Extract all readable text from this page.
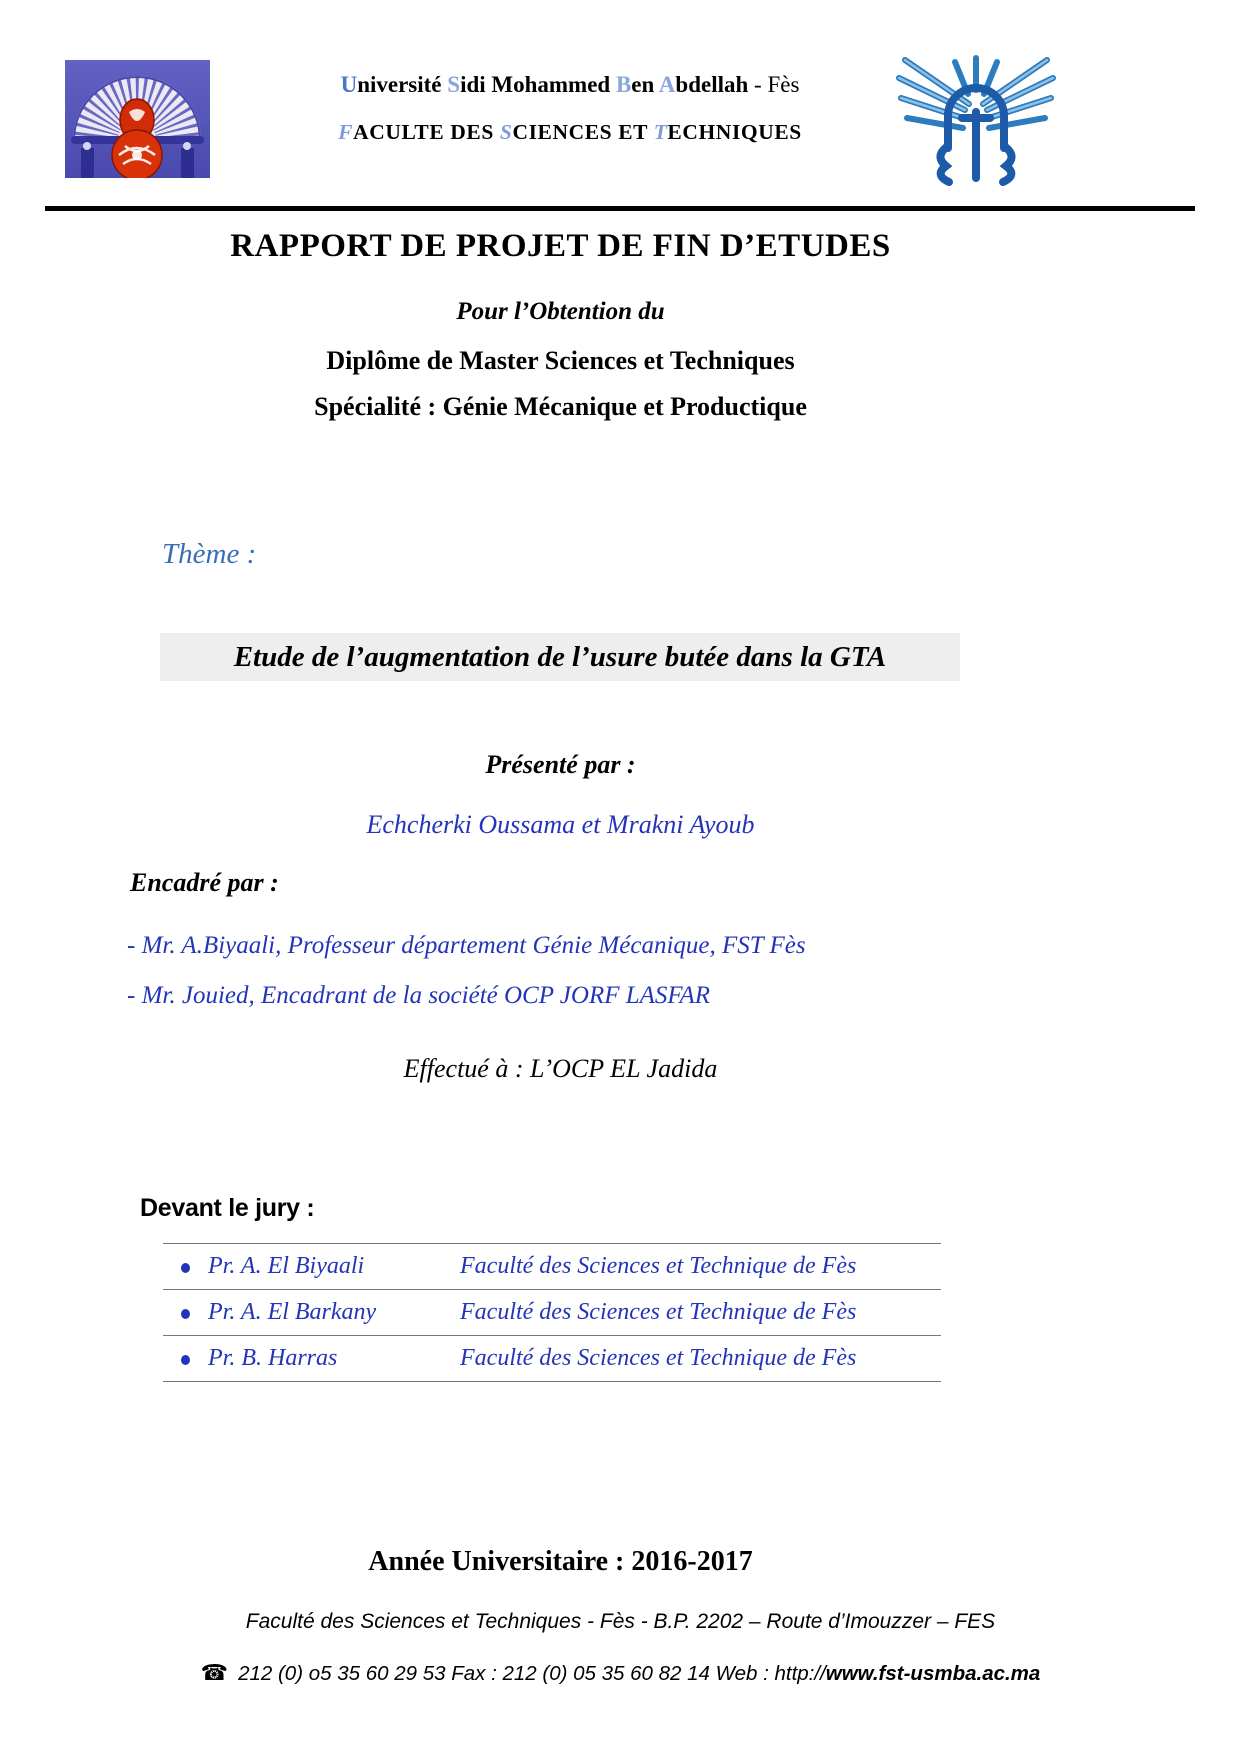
Université Sidi Mohammed Ben Abdellah - Fès
FACULTE DES SCIENCES ET TECHNIQUES
RAPPORT DE PROJET DE FIN D’ETUDES
Pour l’Obtention du
Diplôme de Master Sciences et Techniques
Spécialité : Génie Mécanique et Productique
Thème :
Etude de l’augmentation de l’usure butée dans la GTA
Présenté par :
Echcherki Oussama et Mrakni Ayoub
Encadré par :
- Mr. A.Biyaali, Professeur département Génie Mécanique, FST Fès
- Mr. Jouied, Encadrant de la société OCP JORF LASFAR
Effectué à : L’OCP EL Jadida
Devant le jury :
Pr. A. El Biyaali	Faculté des Sciences et Technique de Fès
Pr. A. El Barkany	Faculté des Sciences et Technique de Fès
Pr. B. Harras	Faculté des Sciences et Technique de Fès
Année Universitaire : 2016-2017
Faculté des Sciences et Techniques - Fès - B.P. 2202 – Route d’Imouzzer – FES
☎ 212 (0) o5 35 60 29 53 Fax : 212 (0) 05 35 60 82 14 Web : http://www.fst-usmba.ac.ma
